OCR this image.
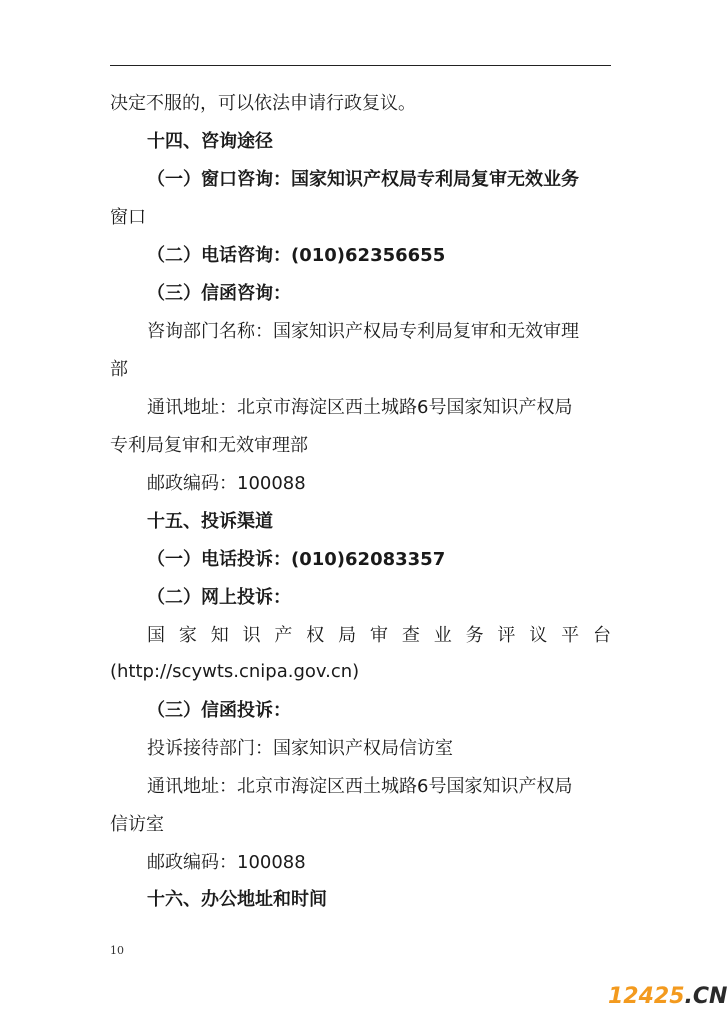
决定不服的，可以依法申请行政复议。

十四、咨询途径

（一）窗口咨询：国家知识产权局专利局复审无效业务

窗口

（二）电话咨询：(010)62356655

（三）信函咨询：

咨询部门名称：国家知识产权局专利局复审和无效审理

部

通讯地址：北京市海淀区西土城路6号国家知识产权局

专利局复审和无效审理部

邮政编码：100088

十五、投诉渠道

（一）电话投诉：(010)62083357

（二）网上投诉：

国家知识产权局审查业务评议平台

(http://scywts.cnipa.gov.cn)

（三）信函投诉：

投诉接待部门：国家知识产权局信访室

通讯地址：北京市海淀区西土城路6号国家知识产权局

信访室

邮政编码：100088

十六、办公地址和时间
10
12425.CN
